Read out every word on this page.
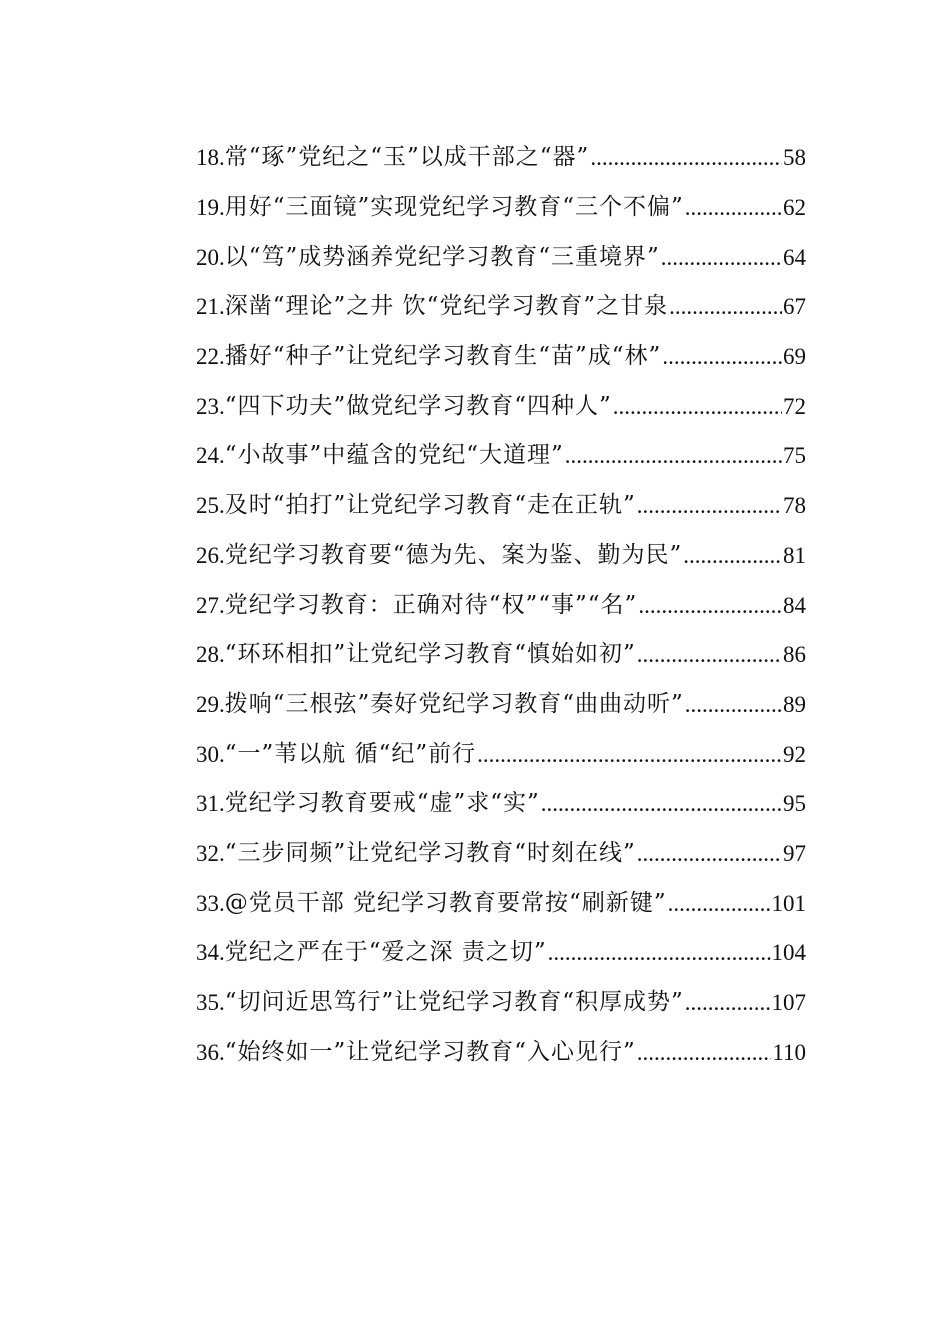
18. 常“琢”党纪之“玉”以成干部之“器” .....	58
19. 用好“三面镜”实现党纪学习教育“三个不偏” .....	62
20. 以“笃”成势涵养党纪学习教育“三重境界” .....	64
21. 深凿“理论”之井 饮“党纪学习教育”之甘泉 .....	67
22. 播好“种子”让党纪学习教育生“苗”成“林” .....	69
23. “四下功夫”做党纪学习教育“四种人” .....	72
24. “小故事”中蕴含的党纪“大道理” .....	75
25. 及时“拍打”让党纪学习教育“走在正轨” .....	78
26. 党纪学习教育要“德为先、案为鉴、勤为民” .....	81
27. 党纪学习教育：正确对待“权”“事”“名” .....	84
28. “环环相扣”让党纪学习教育“慎始如初” .....	86
29. 拨响“三根弦”奏好党纪学习教育“曲曲动听” .....	89
30. “一”苇以航 循“纪”前行 .....	92
31. 党纪学习教育要戒“虚”求“实” .....	95
32. “三步同频”让党纪学习教育“时刻在线” .....	97
33. @党员干部 党纪学习教育要常按“刷新键” .....	101
34. 党纪之严在于“爱之深 责之切” .....	104
35. “切问近思笃行”让党纪学习教育“积厚成势” .....	107
36. “始终如一”让党纪学习教育“入心见行” .....	110
